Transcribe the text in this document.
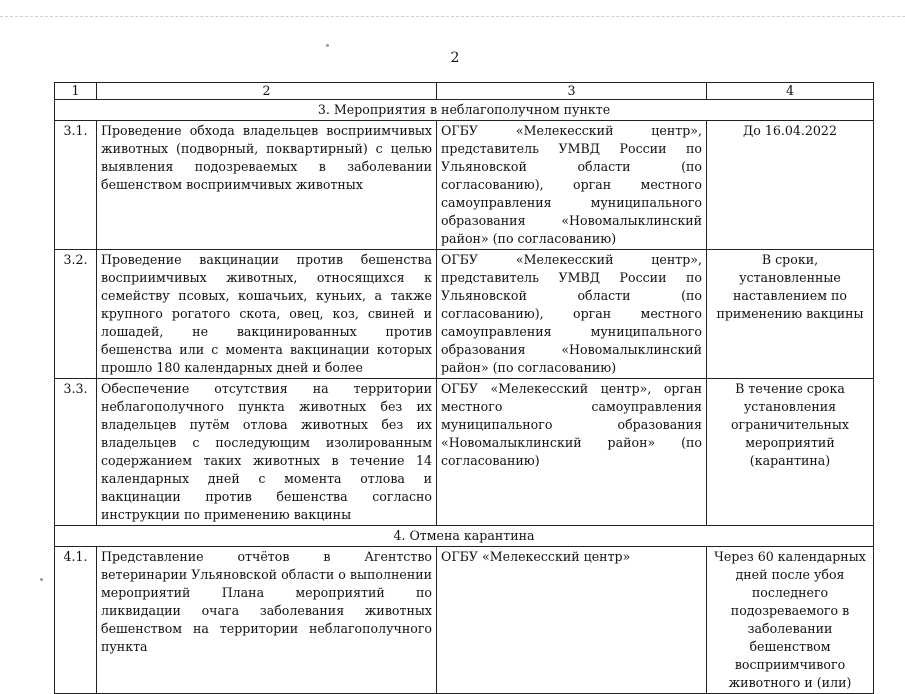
2
1	2	3	4
3. Мероприятия в неблагополучном пункте			
3.1.	Проведение обхода владельцев восприимчивых животных (подворный, поквартирный) с целью выявления подозреваемых в заболевании бешенством восприимчивых животных	ОГБУ «Мелекесский центр», представитель УМВД России по Ульяновской области (по согласованию), орган местного самоуправления муниципального образования «Новомалыклинский район» (по согласованию)	До 16.04.2022
3.2.	Проведение вакцинации против бешенства восприимчивых животных, относящихся к семейству псовых, кошачьих, куньих, а также крупного рогатого скота, овец, коз, свиней и лошадей, не вакцинированных против бешенства или с момента вакцинации которых прошло 180 календарных дней и более	ОГБУ «Мелекесский центр», представитель УМВД России по Ульяновской области (по согласованию), орган местного самоуправления муниципального образования «Новомалыклинский район» (по согласованию)	В сроки, установленные наставлением по применению вакцины
3.3.	Обеспечение отсутствия на территории неблагополучного пункта животных без их владельцев путём отлова животных без их владельцев с последующим изолированным содержанием таких животных в течение 14 календарных дней с момента отлова и вакцинации против бешенства согласно инструкции по применению вакцины	ОГБУ «Мелекесский центр», орган местного самоуправления муниципального образования «Новомалыклинский район» (по согласованию)	В течение срока установления ограничительных мероприятий (карантина)
4. Отмена карантина			
4.1.	Представление отчётов в Агентство ветеринарии Ульяновской области о выполнении мероприятий Плана мероприятий по ликвидации очага заболевания животных бешенством на территории неблагополучного пункта	ОГБУ «Мелекесский центр»	Через 60 календарных дней после убоя последнего подозреваемого в заболевании бешенством восприимчивого животного и (или)
